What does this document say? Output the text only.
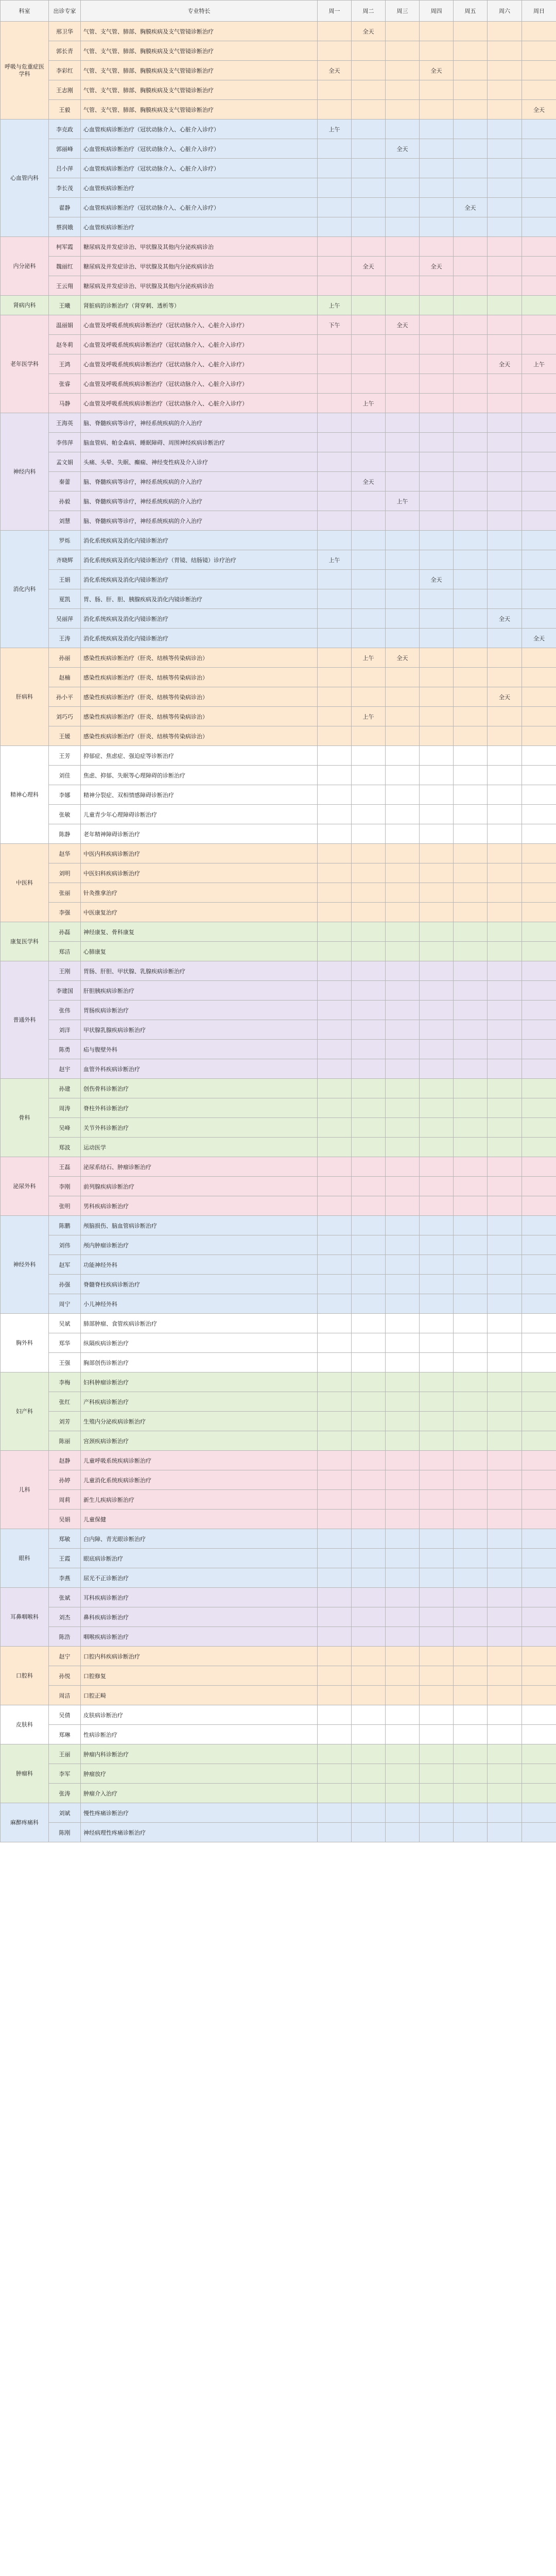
科室	出诊专家	专业特长	周一	周二	周三	周四	周五	周六	周日
呼吸与危重症医学科	邢卫华	气管、支气管、肺部、胸膜疾病及支气管镜诊断治疗		全天					
	郭长青	气管、支气管、肺部、胸膜疾病及支气管镜诊断治疗							
	李彩红	气管、支气管、肺部、胸膜疾病及支气管镜诊断治疗	全天			全天			
	王志刚	气管、支气管、肺部、胸膜疾病及支气管镜诊断治疗							
	王毅	气管、支气管、肺部、胸膜疾病及支气管镜诊断治疗							全天
心血管内科	李克政	心血管疾病诊断治疗（冠状动脉介入、心脏介入诊疗）	上午						
	郭丽峰	心血管疾病诊断治疗（冠状动脉介入、心脏介入诊疗）			全天				
	吕小萍	心血管疾病诊断治疗（冠状动脉介入、心脏介入诊疗）							
	李长茂	心血管疾病诊断治疗							
	翟静	心血管疾病诊断治疗（冠状动脉介入、心脏介入诊疗）					全天		
	蔡润娥	心血管疾病诊断治疗							
内分泌科	柯军霞	糖尿病及并发症诊治、甲状腺及其他内分泌疾病诊治							
	魏丽红	糖尿病及并发症诊治、甲状腺及其他内分泌疾病诊治		全天		全天			
	王云翔	糖尿病及并发症诊治、甲状腺及其他内分泌疾病诊治							
肾病内科	王曦	肾脏病的诊断治疗（肾穿刺、透析等）	上午						
老年医学科	温丽娟	心血管及呼吸系统疾病诊断治疗（冠状动脉介入、心脏介入诊疗）	下午		全天				
	赵冬莉	心血管及呼吸系统疾病诊断治疗（冠状动脉介入、心脏介入诊疗）							
	王鸿	心血管及呼吸系统疾病诊断治疗（冠状动脉介入、心脏介入诊疗）						全天	上午
	张睿	心血管及呼吸系统疾病诊断治疗（冠状动脉介入、心脏介入诊疗）							
	马静	心血管及呼吸系统疾病诊断治疗（冠状动脉介入、心脏介入诊疗）		上午					
神经内科	王海英	脑、脊髓疾病等诊疗，神经系统疾病的介入治疗							
	李伟萍	脑血管病、帕金森病、睡眠障碍、周围神经疾病诊断治疗							
	孟文娟	头痛、头晕、失眠、癫痫、神经变性病及介入诊疗							
	秦蕾	脑、脊髓疾病等诊疗，神经系统疾病的介入治疗		全天					
	孙毅	脑、脊髓疾病等诊疗，神经系统疾病的介入治疗			上午				
	刘慧	脑、脊髓疾病等诊疗，神经系统疾病的介入治疗							
消化内科	罗烁	消化系统疾病及消化内镜诊断治疗							
	齐晓辉	消化系统疾病及消化内镜诊断治疗（胃镜、结肠镜）诊疗治疗	上午						
	王娟	消化系统疾病及消化内镜诊断治疗				全天			
	夏凯	胃、肠、肝、胆、胰腺疾病及消化内镜诊断治疗							
	吴丽萍	消化系统疾病及消化内镜诊断治疗						全天	
	王涛	消化系统疾病及消化内镜诊断治疗							全天
肝病科	孙丽	感染性疾病诊断治疗（肝炎、结核等传染病诊治）		上午	全天				
	赵楠	感染性疾病诊断治疗（肝炎、结核等传染病诊治）							
	孙小平	感染性疾病诊断治疗（肝炎、结核等传染病诊治）						全天	
	刘巧巧	感染性疾病诊断治疗（肝炎、结核等传染病诊治）		上午					
	王媛	感染性疾病诊断治疗（肝炎、结核等传染病诊治）							
精神心理科	王芳	抑郁症、焦虑症、强迫症等诊断治疗							
	刘佳	焦虑、抑郁、失眠等心理障碍的诊断治疗							
	李娜	精神分裂症、双相情感障碍诊断治疗							
	张敏	儿童青少年心理障碍诊断治疗							
	陈静	老年精神障碍诊断治疗							
中医科	赵华	中医内科疾病诊断治疗							
	刘明	中医妇科疾病诊断治疗							
	张丽	针灸推拿治疗							
	李强	中医康复治疗							
康复医学科	孙磊	神经康复、骨科康复							
	郑洁	心肺康复							
普通外科	王刚	胃肠、肝胆、甲状腺、乳腺疾病诊断治疗							
	李建国	肝胆胰疾病诊断治疗							
	张伟	胃肠疾病诊断治疗							
	刘洋	甲状腺乳腺疾病诊断治疗							
	陈勇	疝与腹壁外科							
	赵宇	血管外科疾病诊断治疗							
骨科	孙建	创伤骨科诊断治疗							
	周涛	脊柱外科诊断治疗							
	吴峰	关节外科诊断治疗							
	郑波	运动医学							
泌尿外科	王磊	泌尿系结石、肿瘤诊断治疗							
	李刚	前列腺疾病诊断治疗							
	张明	男科疾病诊断治疗							
神经外科	陈鹏	颅脑损伤、脑血管病诊断治疗							
	刘伟	颅内肿瘤诊断治疗							
	赵军	功能神经外科							
	孙强	脊髓脊柱疾病诊断治疗							
	周宁	小儿神经外科							
胸外科	吴斌	肺部肿瘤、食管疾病诊断治疗							
	郑华	纵隔疾病诊断治疗							
	王强	胸部创伤诊断治疗							
妇产科	李梅	妇科肿瘤诊断治疗							
	张红	产科疾病诊断治疗							
	刘芳	生殖内分泌疾病诊断治疗							
	陈丽	宫颈疾病诊断治疗							
儿科	赵静	儿童呼吸系统疾病诊断治疗							
	孙婷	儿童消化系统疾病诊断治疗							
	周莉	新生儿疾病诊断治疗							
	吴娟	儿童保健							
眼科	郑敏	白内障、青光眼诊断治疗							
	王霞	眼底病诊断治疗							
	李燕	屈光不正诊断治疗							
耳鼻咽喉科	张斌	耳科疾病诊断治疗							
	刘杰	鼻科疾病诊断治疗							
	陈浩	咽喉疾病诊断治疗							
口腔科	赵宁	口腔内科疾病诊断治疗							
	孙悦	口腔修复							
	周洁	口腔正畸							
皮肤科	吴倩	皮肤病诊断治疗							
	郑琳	性病诊断治疗							
肿瘤科	王丽	肿瘤内科诊断治疗							
	李军	肿瘤放疗							
	张涛	肿瘤介入治疗							
麻醉疼痛科	刘斌	慢性疼痛诊断治疗							
	陈刚	神经病理性疼痛诊断治疗							
